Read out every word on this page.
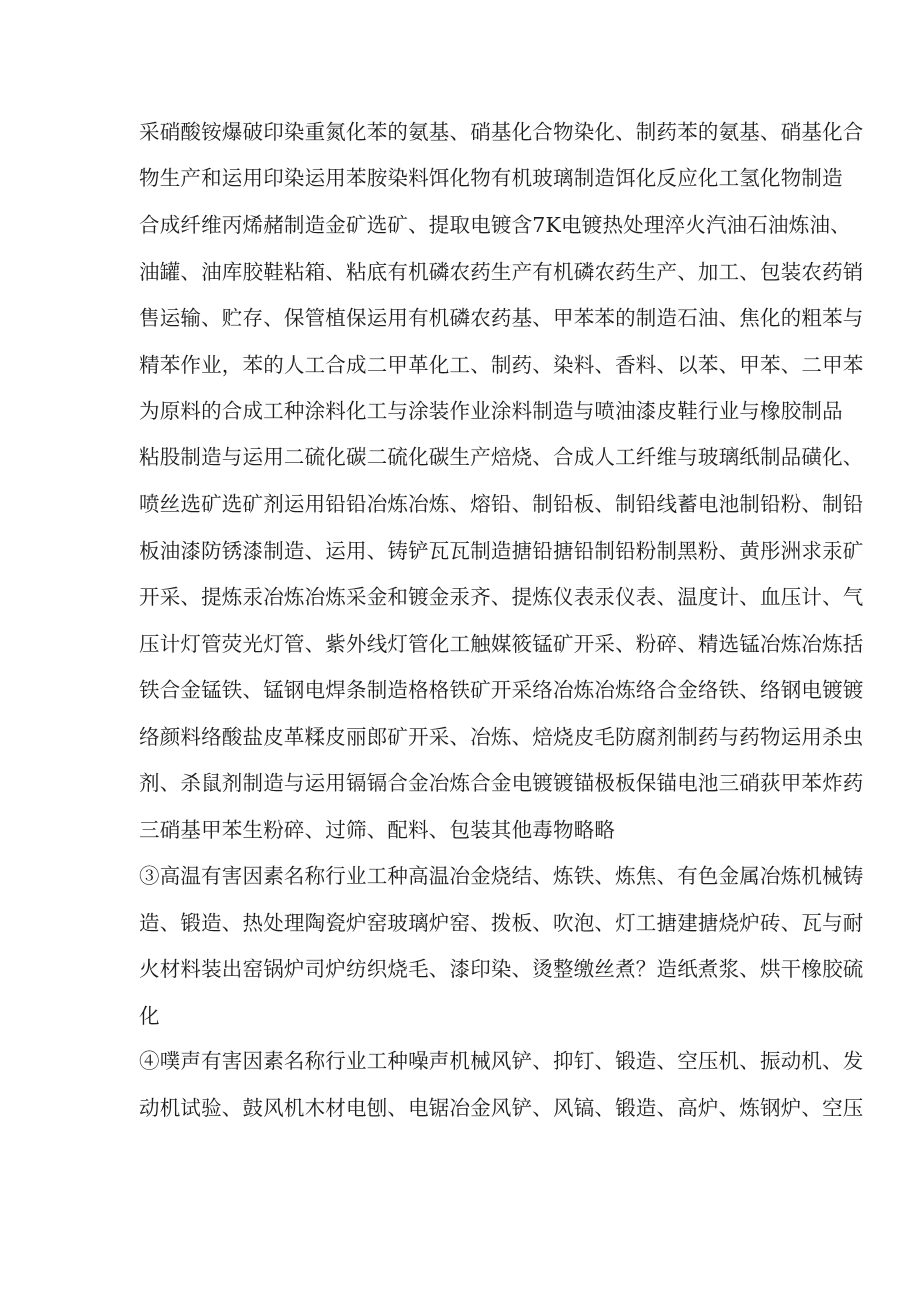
采硝酸铵爆破印染重氮化苯的氨基、硝基化合物染化、制药苯的氨基、硝基化合
物生产和运用印染运用苯胺染料饵化物有机玻璃制造饵化反应化工氢化物制造
合成纤维丙烯赭制造金矿选矿、提取电镀含7K电镀热处理淬火汽油石油炼油、
油罐、油库胶鞋粘箱、粘底有机磷农药生产有机磷农药生产、加工、包装农药销
售运输、贮存、保管植保运用有机磷农药基、甲苯苯的制造石油、焦化的粗苯与
精苯作业，苯的人工合成二甲革化工、制药、染料、香料、以苯、甲苯、二甲苯
为原料的合成工种涂料化工与涂装作业涂料制造与喷油漆皮鞋行业与橡胶制品
粘股制造与运用二硫化碳二硫化碳生产焙烧、合成人工纤维与玻璃纸制品磺化、
喷丝选矿选矿剂运用铅铅冶炼冶炼、熔铅、制铅板、制铅线蓄电池制铅粉、制铅
板油漆防锈漆制造、运用、铸铲瓦瓦制造搪铅搪铅制铅粉制黑粉、黄彤洲求汞矿
开采、提炼汞冶炼冶炼采金和镀金汞齐、提炼仪表汞仪表、温度计、血压计、气
压计灯管荧光灯管、紫外线灯管化工触媒筱锰矿开采、粉碎、精选锰冶炼冶炼括
铁合金锰铁、锰钢电焊条制造格格铁矿开采络冶炼冶炼络合金络铁、络钢电镀镀
络颜料络酸盐皮革糅皮丽郎矿开采、冶炼、焙烧皮毛防腐剂制药与药物运用杀虫
剂、杀鼠剂制造与运用镉镉合金冶炼合金电镀镀锚极板保锚电池三硝荻甲苯炸药
三硝基甲苯生粉碎、过筛、配料、包装其他毒物略略
③高温有害因素名称行业工种高温冶金烧结、炼铁、炼焦、有色金属冶炼机械铸
造、锻造、热处理陶瓷炉窑玻璃炉窑、拨板、吹泡、灯工搪建搪烧炉砖、瓦与耐
火材料装出窑锅炉司炉纺织烧毛、漆印染、烫整缴丝煮？造纸煮浆、烘干橡胶硫
化
④噗声有害因素名称行业工种噪声机械风铲、抑钉、锻造、空压机、振动机、发
动机试验、鼓风机木材电刨、电锯冶金风铲、风镐、锻造、高炉、炼钢炉、空压
